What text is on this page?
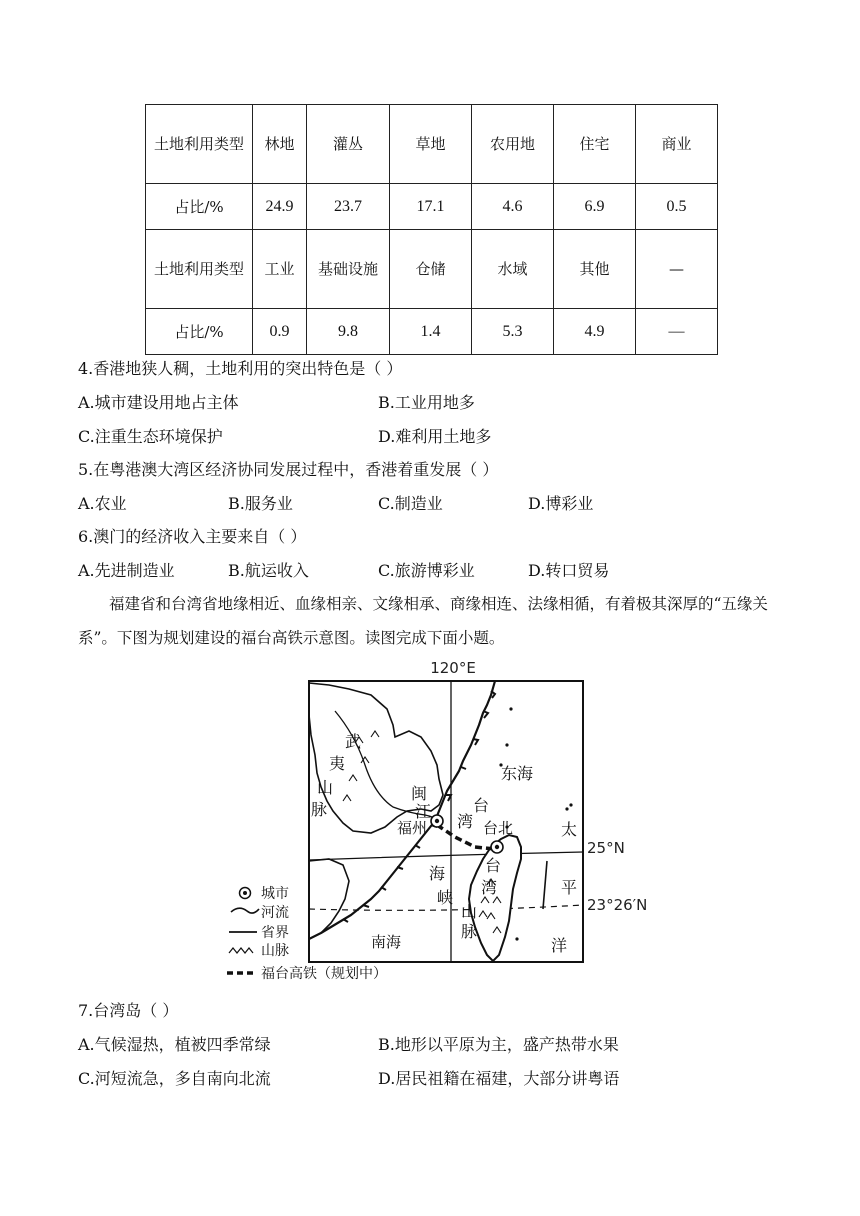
土地利用类型	林地	灌丛	草地	农用地	住宅	商业
占比/%	24.9	23.7	17.1	4.6	6.9	0.5
土地利用类型	工业	基础设施	仓储	水域	其他	—
占比/%	0.9	9.8	1.4	5.3	4.9	—
4.香港地狭人稠，土地利用的突出特色是（ ）
A.城市建设用地占主体	B.工业用地多
C.注重生态环境保护	D.难利用土地多
5.在粤港澳大湾区经济协同发展过程中，香港着重发展（ ）
A.农业	B.服务业	C.制造业	D.博彩业
6.澳门的经济收入主要来自（ ）
A.先进制造业	B.航运收入	C.旅游博彩业	D.转口贸易
福建省和台湾省地缘相近、血缘相亲、文缘相承、商缘相连、法缘相循，有着极其深厚的“五缘关系”。下图为规划建设的福台高铁示意图。读图完成下面小题。
120°E
25°N
23°26′N
武
夷
山
脉
闽
江
福州
东海
台
湾
海
峡
台北
台
湾
山
脉
太
平
洋
南海
城市
河流
省界
山脉
福台高铁（规划中）
7.台湾岛（ ）
A.气候湿热，植被四季常绿	B.地形以平原为主，盛产热带水果
C.河短流急，多自南向北流	D.居民祖籍在福建，大部分讲粤语
